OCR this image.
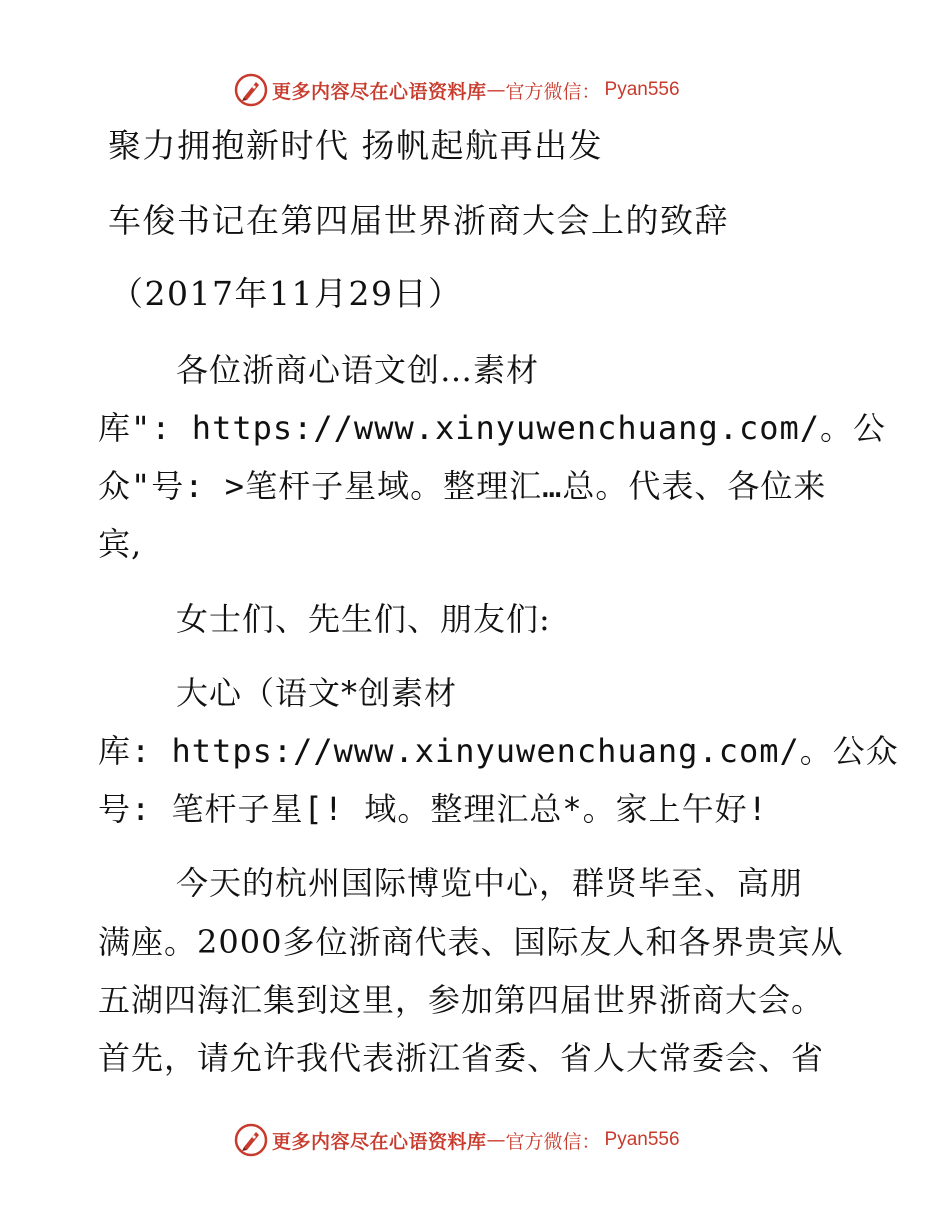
更多内容尽在心语资料库 — 官方微信： Pyan556
聚力拥抱新时代 扬帆起航再出发
车俊书记在第四届世界浙商大会上的致辞
（2017年11月29日）
各位浙商心语文创…素材
库": https://www.xinyuwenchuang.com/。公
众"号: >笔杆子星域。整理汇…总。代表、各位来
宾,
女士们、先生们、朋友们:
大心（语文*创素材
库: https://www.xinyuwenchuang.com/。公众
号: 笔杆子星[! 域。整理汇总*。家上午好!
今天的杭州国际博览中心，群贤毕至、高朋
满座。2000多位浙商代表、国际友人和各界贵宾从
五湖四海汇集到这里，参加第四届世界浙商大会。
首先，请允许我代表浙江省委、省人大常委会、省
更多内容尽在心语资料库 — 官方微信： Pyan556
